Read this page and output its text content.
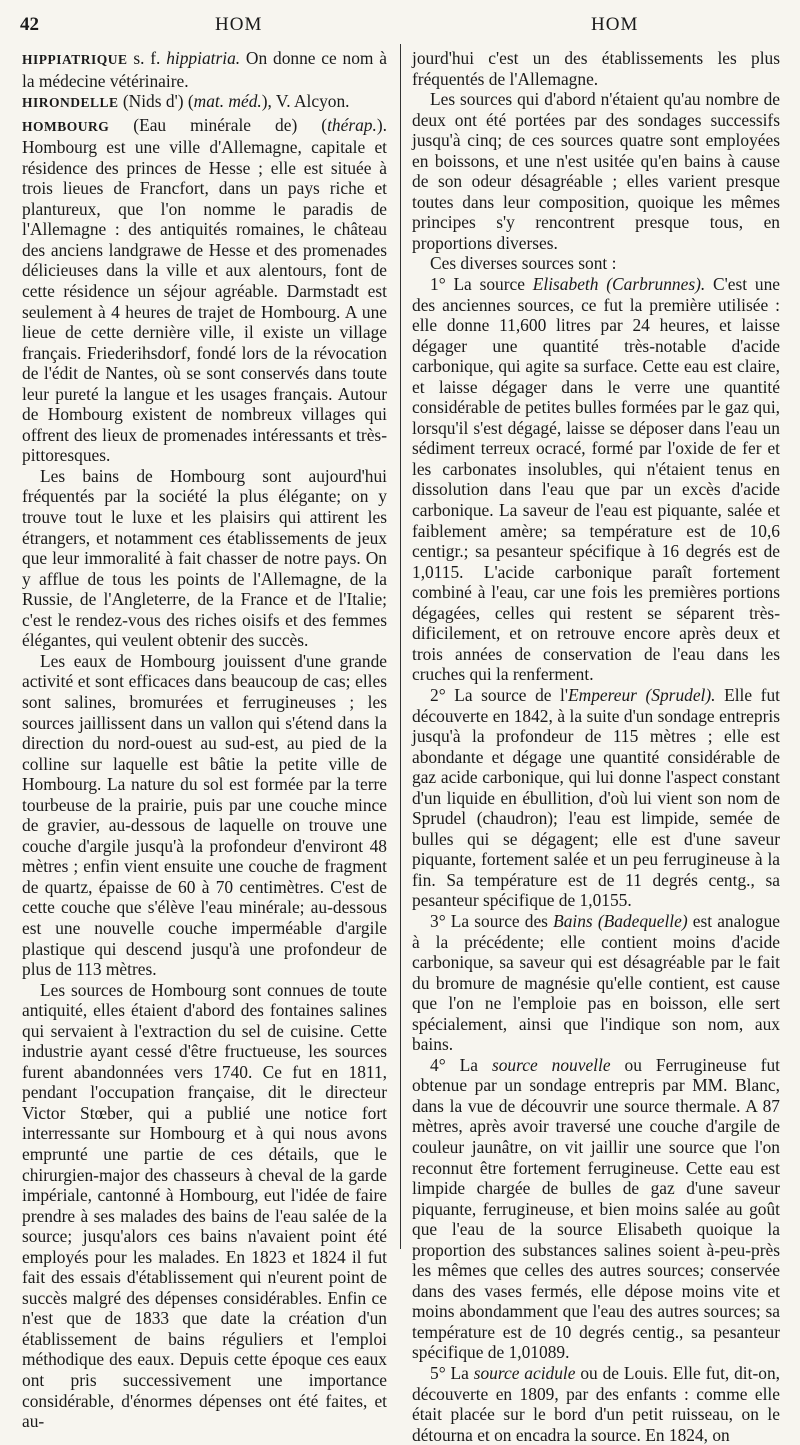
42	HOM	HOM

HIPPIATRIQUE s. f. hippiatria. On donne ce nom à la médecine vétérinaire.

HIRONDELLE (Nids d') (mat. méd.), V. Alcyon.

HOMBOURG (Eau minérale de) (thérap.). Hombourg est une ville d'Allemagne, capitale et résidence des princes de Hesse ; elle est située à trois lieues de Francfort, dans un pays riche et plantureux, que l'on nomme le paradis de l'Allemagne : des antiquités romaines, le château des anciens landgrawe de Hesse et des promenades délicieuses dans la ville et aux alentours, font de cette résidence un séjour agréable. Darmstadt est seulement à 4 heures de trajet de Hombourg. A une lieue de cette dernière ville, il existe un village français. Friederihsdorf, fondé lors de la révocation de l'édit de Nantes, où se sont conservés dans toute leur pureté la langue et les usages français. Autour de Hombourg existent de nombreux villages qui offrent des lieux de promenades intéressants et très-pittoresques.

Les bains de Hombourg sont aujourd'hui fréquentés par la société la plus élégante; on y trouve tout le luxe et les plaisirs qui attirent les étrangers, et notamment ces établissements de jeux que leur immoralité à fait chasser de notre pays. On y afflue de tous les points de l'Allemagne, de la Russie, de l'Angleterre, de la France et de l'Italie; c'est le rendez-vous des riches oisifs et des femmes élégantes, qui veulent obtenir des succès.

Les eaux de Hombourg jouissent d'une grande activité et sont efficaces dans beaucoup de cas; elles sont salines, bromurées et ferrugineuses ; les sources jaillissent dans un vallon qui s'étend dans la direction du nord-ouest au sud-est, au pied de la colline sur laquelle est bâtie la petite ville de Hombourg. La nature du sol est formée par la terre tourbeuse de la prairie, puis par une couche mince de gravier, au-dessous de laquelle on trouve une couche d'argile jusqu'à la profondeur d'environt 48 mètres ; enfin vient ensuite une couche de fragment de quartz, épaisse de 60 à 70 centimètres. C'est de cette couche que s'élève l'eau minérale; au-dessous est une nouvelle couche imperméable d'argile plastique qui descend jusqu'à une profondeur de plus de 113 mètres.

Les sources de Hombourg sont connues de toute antiquité, elles étaient d'abord des fontaines salines qui servaient à l'extraction du sel de cuisine. Cette industrie ayant cessé d'être fructueuse, les sources furent abandonnées vers 1740. Ce fut en 1811, pendant l'occupation française, dit le directeur Victor Stœber, qui a publié une notice fort interressante sur Hombourg et à qui nous avons emprunté une partie de ces détails, que le chirurgien-major des chasseurs à cheval de la garde impériale, cantonné à Hombourg, eut l'idée de faire prendre à ses malades des bains de l'eau salée de la source; jusqu'alors ces bains n'avaient point été employés pour les malades. En 1823 et 1824 il fut fait des essais d'établissement qui n'eurent point de succès malgré des dépenses considérables. Enfin ce n'est que de 1833 que date la création d'un établissement de bains réguliers et l'emploi méthodique des eaux. Depuis cette époque ces eaux ont pris successivement une importance considérable, d'énormes dépenses ont été faites, et au-

jourd'hui c'est un des établissements les plus fréquentés de l'Allemagne.

Les sources qui d'abord n'étaient qu'au nombre de deux ont été portées par des sondages successifs jusqu'à cinq; de ces sources quatre sont employées en boissons, et une n'est usitée qu'en bains à cause de son odeur désagréable ; elles varient presque toutes dans leur composition, quoique les mêmes principes s'y rencontrent presque tous, en proportions diverses.

Ces diverses sources sont :

1° La source Elisabeth (Carbrunnes). C'est une des anciennes sources, ce fut la première utilisée : elle donne 11,600 litres par 24 heures, et laisse dégager une quantité très-notable d'acide carbonique, qui agite sa surface. Cette eau est claire, et laisse dégager dans le verre une quantité considérable de petites bulles formées par le gaz qui, lorsqu'il s'est dégagé, laisse se déposer dans l'eau un sédiment terreux ocracé, formé par l'oxide de fer et les carbonates insolubles, qui n'étaient tenus en dissolution dans l'eau que par un excès d'acide carbonique. La saveur de l'eau est piquante, salée et faiblement amère; sa température est de 10,6 centigr.; sa pesanteur spécifique à 16 degrés est de 1,0115. L'acide carbonique paraît fortement combiné à l'eau, car une fois les premières portions dégagées, celles qui restent se séparent très-dificilement, et on retrouve encore après deux et trois années de conservation de l'eau dans les cruches qui la renferment.

2° La source de l'Empereur (Sprudel). Elle fut découverte en 1842, à la suite d'un sondage entrepris jusqu'à la profondeur de 115 mètres ; elle est abondante et dégage une quantité considérable de gaz acide carbonique, qui lui donne l'aspect constant d'un liquide en ébullition, d'où lui vient son nom de Sprudel (chaudron); l'eau est limpide, semée de bulles qui se dégagent; elle est d'une saveur piquante, fortement salée et un peu ferrugineuse à la fin. Sa température est de 11 degrés centg., sa pesanteur spécifique de 1,0155.

3° La source des Bains (Badequelle) est analogue à la précédente; elle contient moins d'acide carbonique, sa saveur qui est désagréable par le fait du bromure de magnésie qu'elle contient, est cause que l'on ne l'emploie pas en boisson, elle sert spécialement, ainsi que l'indique son nom, aux bains.

4° La source nouvelle ou Ferrugineuse fut obtenue par un sondage entrepris par MM. Blanc, dans la vue de découvrir une source thermale. A 87 mètres, après avoir traversé une couche d'argile de couleur jaunâtre, on vit jaillir une source que l'on reconnut être fortement ferrugineuse. Cette eau est limpide chargée de bulles de gaz d'une saveur piquante, ferrugineuse, et bien moins salée au goût que l'eau de la source Elisabeth quoique la proportion des substances salines soient à-peu-près les mêmes que celles des autres sources; conservée dans des vases fermés, elle dépose moins vite et moins abondamment que l'eau des autres sources; sa température est de 10 degrés centig., sa pesanteur spécifique de 1,01089.

5° La source acidule ou de Louis. Elle fut, dit-on, découverte en 1809, par des enfants : comme elle était placée sur le bord d'un petit ruisseau, on le détourna et on encadra la source. En 1824, on
